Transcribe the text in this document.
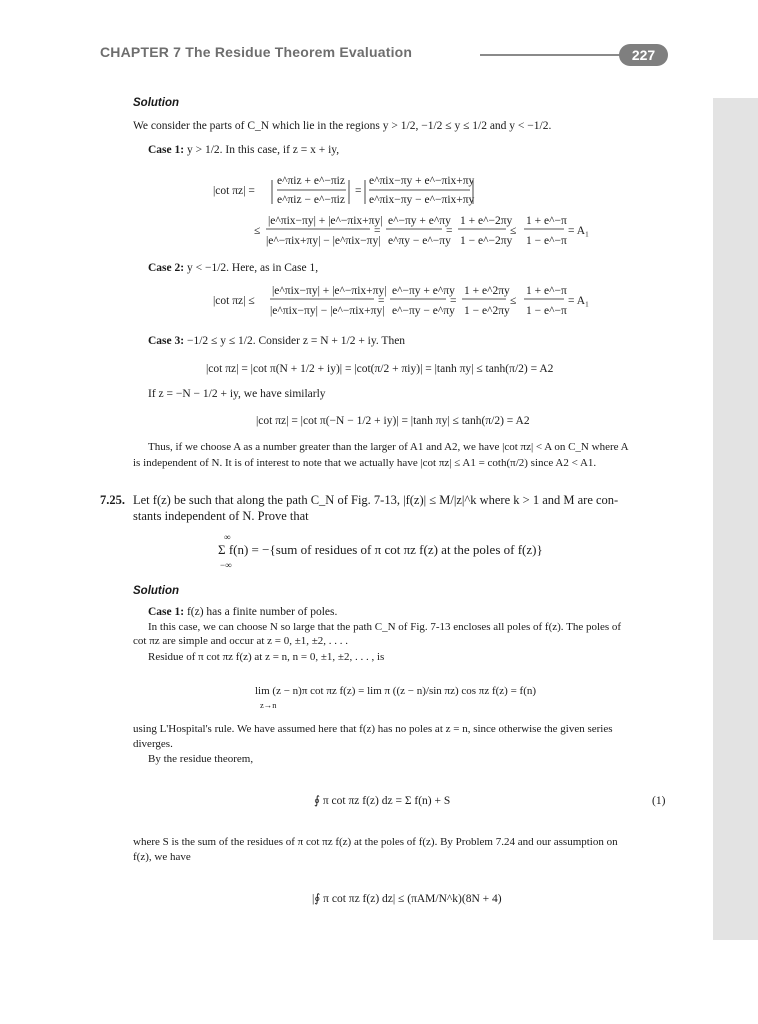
CHAPTER 7 The Residue Theorem Evaluation	227
Solution
We consider the parts of C_N which lie in the regions y > 1/2, −1/2 ≤ y ≤ 1/2 and y < −1/2.
Case 1: y > 1/2. In this case, if z = x + iy,
|cot πz| =
e^πiz + e^−πiz
e^πiz − e^−πiz
=
e^πix−πy + e^−πix+πy
e^πix−πy − e^−πix+πy
≤
|e^πix−πy| + |e^−πix+πy|
|e^−πix+πy| − |e^πix−πy|
=
e^−πy + e^πy
e^πy − e^−πy
=
1 + e^−2πy
1 − e^−2πy
≤
1 + e^−π
1 − e^−π
= A₁
Case 2: y < −1/2. Here, as in Case 1,
|cot πz| ≤
|e^πix−πy| + |e^−πix+πy|
|e^πix−πy| − |e^−πix+πy|
=
e^−πy + e^πy
e^−πy − e^πy
=
1 + e^2πy
1 − e^2πy
≤
1 + e^−π
1 − e^−π
= A₁
Case 3: −1/2 ≤ y ≤ 1/2. Consider z = N + 1/2 + iy. Then
|cot πz| = |cot π(N + 1/2 + iy)| = |cot(π/2 + πiy)| = |tanh πy| ≤ tanh(π/2) = A2
If z = −N − 1/2 + iy, we have similarly
|cot πz| = |cot π(−N − 1/2 + iy)| = |tanh πy| ≤ tanh(π/2) = A2
Thus, if we choose A as a number greater than the larger of A1 and A2, we have |cot πz| < A on C_N where A
is independent of N. It is of interest to note that we actually have |cot πz| ≤ A1 = coth(π/2) since A2 < A1.
7.25. Let f(z) be such that along the path C_N of Fig. 7-13, |f(z)| ≤ M/|z|^k where k > 1 and M are con-
stants independent of N. Prove that
∞
−∞
Σ f(n) = −{sum of residues of π cot πz f(z) at the poles of f(z)}
Solution
Case 1: f(z) has a finite number of poles.
In this case, we can choose N so large that the path C_N of Fig. 7-13 encloses all poles of f(z). The poles of
cot πz are simple and occur at z = 0, ±1, ±2, . . . .
Residue of π cot πz f(z) at z = n, n = 0, ±1, ±2, . . . , is
lim (z − n)π cot πz f(z) = lim π ((z − n)/sin πz) cos πz f(z) = f(n)
z→n
using L'Hospital's rule. We have assumed here that f(z) has no poles at z = n, since otherwise the given series
diverges.
By the residue theorem,
∮ π cot πz f(z) dz = Σ f(n) + S	(1)
where S is the sum of the residues of π cot πz f(z) at the poles of f(z). By Problem 7.24 and our assumption on
f(z), we have
|∮ π cot πz f(z) dz| ≤ (πAM/N^k)(8N + 4)
